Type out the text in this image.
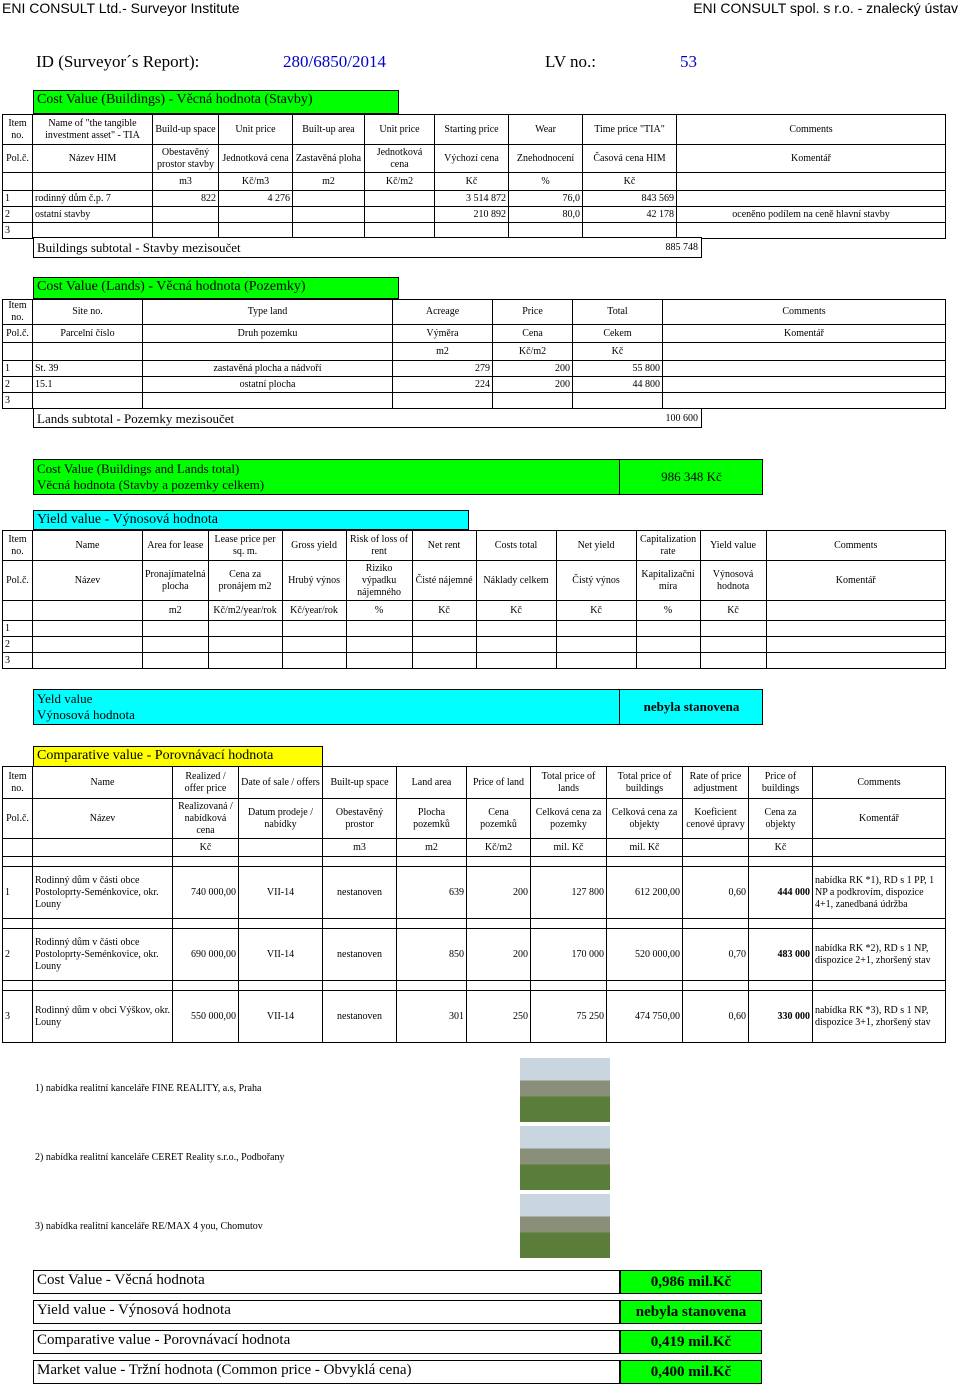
ENI CONSULT Ltd.- Surveyor Institute	ENI CONSULT spol. s r.o. - znalecký ústav
ID (Surveyor´s Report):	280/6850/2014	LV no.:	53
Cost Value (Buildings) - Věcná hodnota (Stavby)
Item no.	Name of "the tangible investment asset" - TIA	Build-up space	Unit price	Built-up area	Unit price	Starting price	Wear	Time price "TIA"	Comments
Pol.č.	Název HIM	Obestavěný prostor stavby	Jednotková cena	Zastavěná ploha	Jednotková cena	Výchozí cena	Znehodnocení	Časová cena HIM	Komentář
		m3	Kč/m3	m2	Kč/m2	Kč	%	Kč	
1	rodinný dům č.p. 7	822	4 276			3 514 872	76,0	843 569	
2	ostatní stavby					210 892	80,0	42 178	oceněno podílem na ceně hlavní stavby
3									
Buildings subtotal - Stavby mezisoučet	885 748
Cost Value (Lands) - Věcná hodnota (Pozemky)
Item no.	Site no.	Type land	Acreage	Price	Total	Comments
Pol.č.	Parcelní číslo	Druh pozemku	Výměra	Cena	Cekem	Komentář
			m2	Kč/m2	Kč	
1	St. 39	zastavěná plocha a nádvoří	279	200	55 800	
2	15.1	ostatní plocha	224	200	44 800	
3						
Lands subtotal - Pozemky mezisoučet	100 600
Cost Value (Buildings and Lands total)
Věcná hodnota (Stavby a pozemky celkem)
986 348 Kč
Yield value - Výnosová hodnota
Item no.	Name	Area for lease	Lease price per sq. m.	Gross yield	Risk of loss of rent	Net rent	Costs total	Net yield	Capitalization rate	Yield value	Comments
Pol.č.	Název	Pronajímatelná plocha	Cena za pronájem m2	Hrubý výnos	Riziko výpadku nájemného	Čisté nájemné	Náklady celkem	Čistý výnos	Kapitalizační míra	Výnosová hodnota	Komentář
		m2	Kč/m2/year/rok	Kč/year/rok	%	Kč	Kč	Kč	%	Kč	
1											
2											
3											
Yeld value
Výnosová hodnota
nebyla stanovena
Comparative value - Porovnávací hodnota
Item no.	Name	Realized / offer price	Date of sale / offers	Built-up space	Land area	Price of land	Total price of lands	Total price of buildings	Rate of price adjustment	Price of buildings	Comments
Pol.č.	Název	Realizovaná / nabídková cena	Datum prodeje / nabídky	Obestavěný prostor	Plocha pozemků	Cena pozemků	Celková cena za pozemky	Celková cena za objekty	Koeficient cenové úpravy	Cena za objekty	Komentář
		Kč		m3	m2	Kč/m2	mil. Kč	mil. Kč		Kč	

1	Rodinný dům v části obce Postoloprty-Seménkovice, okr. Louny	740 000,00	VII-14	nestanoven	639	200	127 800	612 200,00	0,60	444 000	nabídka RK *1), RD s 1 PP, 1 NP a podkrovím, dispozice 4+1, zanedbaná údržba

2	Rodinný dům v části obce Postoloprty-Seménkovice, okr. Louny	690 000,00	VII-14	nestanoven	850	200	170 000	520 000,00	0,70	483 000	nabídka RK *2), RD s 1 NP, dispozice 2+1, zhoršený stav

3	Rodinný dům v obci Výškov, okr. Louny	550 000,00	VII-14	nestanoven	301	250	75 250	474 750,00	0,60	330 000	nabídka RK *3), RD s 1 NP, dispozice 3+1, zhoršený stav
1) nabídka realitní kanceláře FINE REALITY, a.s, Praha
2) nabídka realitní kanceláře CERET Reality s.r.o., Podbořany
3) nabídka realitní kanceláře RE/MAX 4 you, Chomutov
Cost Value - Věcná hodnota	0,986 mil.Kč
Yield value - Výnosová hodnota	nebyla stanovena
Comparative value - Porovnávací hodnota	0,419 mil.Kč
Market value - Tržní hodnota (Common price - Obvyklá cena)	0,400 mil.Kč
